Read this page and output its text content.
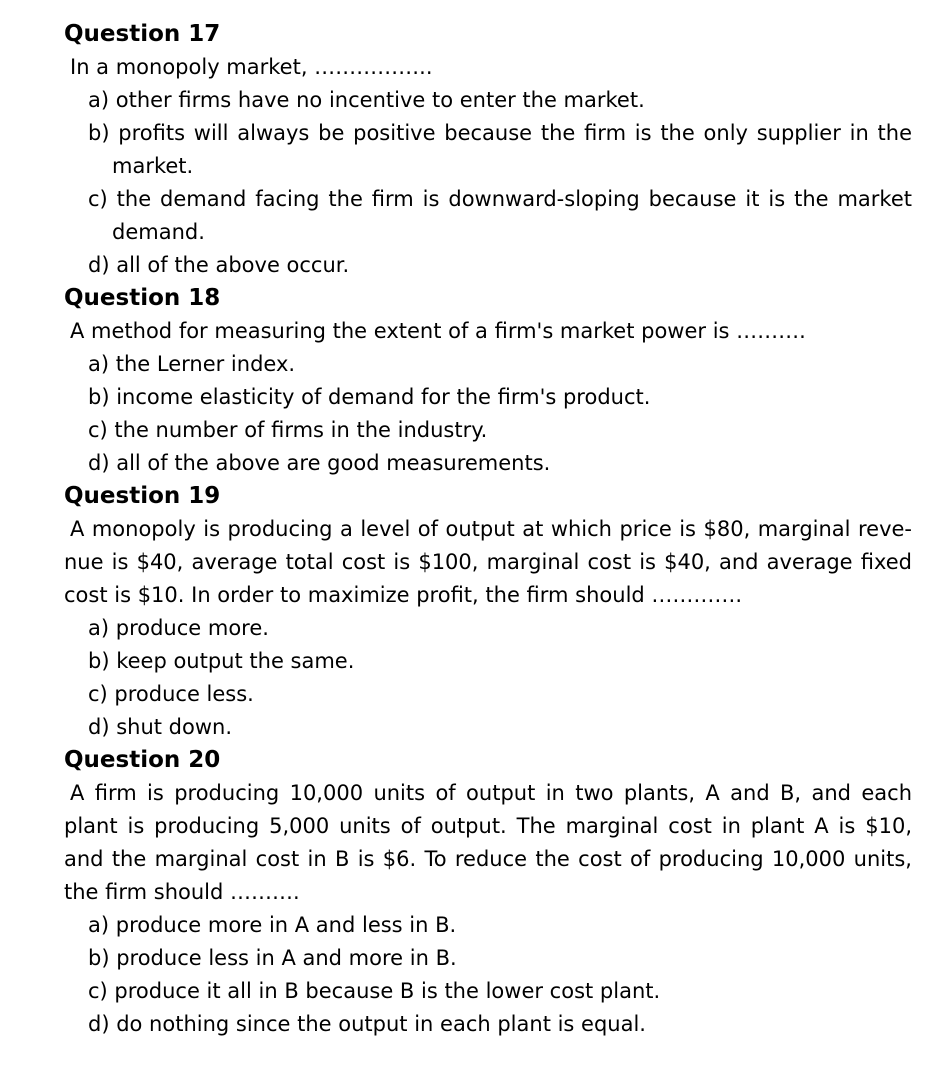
Question 17

In a monopoly market, ……………..

a) other firms have no incentive to enter the market.
b) profits will always be positive because the firm is the only supplier in the market.
c) the demand facing the firm is downward-sloping because it is the market demand.
d) all of the above occur.
Question 18

A method for measuring the extent of a firm's market power is ……….

a) the Lerner index.
b) income elasticity of demand for the firm's product.
c) the number of firms in the industry.
d) all of the above are good measurements.
Question 19

A monopoly is producing a level of output at which price is $80, marginal reve-nue is $40, average total cost is $100, marginal cost is $40, and average fixed cost is $10. In order to maximize profit, the firm should ………….

a) produce more.
b) keep output the same.
c) produce less.
d) shut down.
Question 20

A firm is producing 10,000 units of output in two plants, A and B, and each plant is producing 5,000 units of output. The marginal cost in plant A is $10, and the marginal cost in B is $6. To reduce the cost of producing 10,000 units, the firm should ……….

a) produce more in A and less in B.
b) produce less in A and more in B.
c) produce it all in B because B is the lower cost plant.
d) do nothing since the output in each plant is equal.
